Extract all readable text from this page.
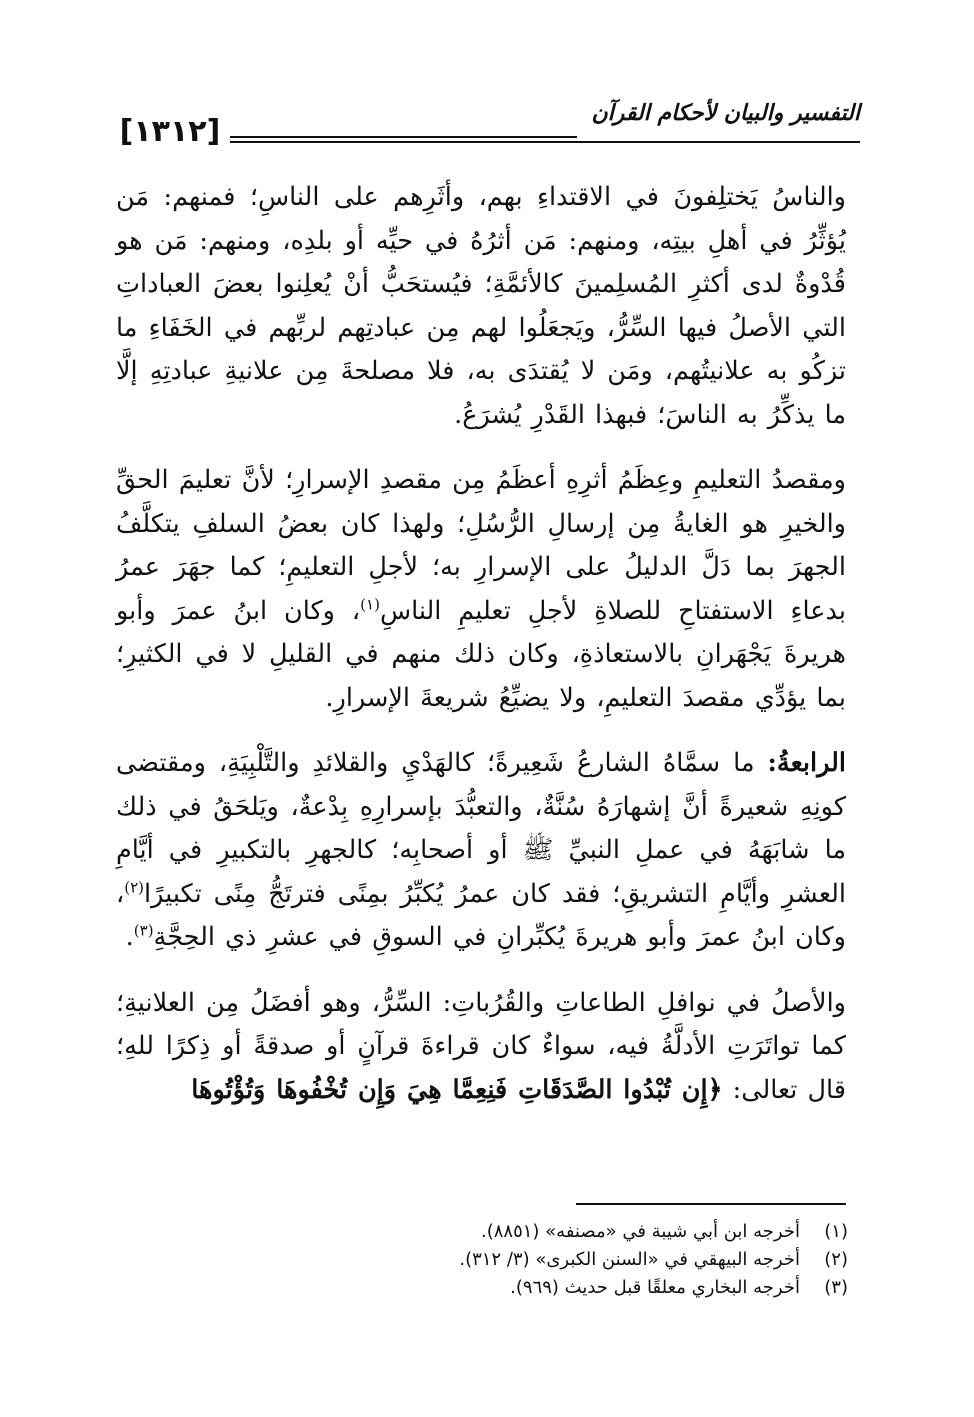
[١٣١٢]
التفسير والبيان لأحكام القرآن

والناسُ يَختلِفونَ في الاقتداءِ بهم، وأثَرِهم على الناسِ؛ فمنهم: مَن يُؤثِّرُ في أهلِ بيتِه، ومنهم: مَن أثرُهُ في حيِّه أو بلدِه، ومنهم: مَن هو قُدْوةٌ لدى أكثرِ المُسلِمينَ كالأئمَّةِ؛ فيُستحَبُّ أنْ يُعلِنوا بعضَ العباداتِ التي الأصلُ فيها السِّرُّ، ويَجعَلُوا لهم مِن عبادتِهم لربِّهم في الخَفَاءِ ما تزكُو به علانيتُهم، ومَن لا يُقتدَى به، فلا مصلحةَ مِن علانيةِ عبادتِهِ إلَّا ما يذكِّرُ به الناسَ؛ فبهذا القَدْرِ يُشرَعُ.

ومقصدُ التعليمِ وعِظَمُ أثرِهِ أعظَمُ مِن مقصدِ الإسرارِ؛ لأنَّ تعليمَ الحقِّ والخيرِ هو الغايةُ مِن إرسالِ الرُّسُلِ؛ ولهذا كان بعضُ السلفِ يتكلَّفُ الجهرَ بما دَلَّ الدليلُ على الإسرارِ به؛ لأجلِ التعليمِ؛ كما جهَرَ عمرُ بدعاءِ الاستفتاحِ للصلاةِ لأجلِ تعليمِ الناسِ$^{(١)}$، وكان ابنُ عمرَ وأبو هريرةَ يَجْهَرانِ بالاستعاذةِ، وكان ذلك منهم في القليلِ لا في الكثيرِ؛ بما يؤدِّي مقصدَ التعليمِ، ولا يضيِّعُ شريعةَ الإسرارِ.

الرابعةُ: ما سمَّاهُ الشارعُ شَعِيرةً؛ كالهَدْيِ والقلائدِ والتَّلْبِيَةِ، ومقتضى كونِهِ شعيرةً أنَّ إشهارَهُ سُنَّةٌ، والتعبُّدَ بإسرارِهِ بِدْعةٌ، ويَلحَقُ في ذلك ما شابَهَهُ في عملِ النبيِّ ﷺ أو أصحابِه؛ كالجهرِ بالتكبيرِ في أيَّامِ العشرِ وأيَّامِ التشريقِ؛ فقد كان عمرُ يُكبِّرُ بمِنًى فترتَجُّ مِنًى تكبيرًا$^{(٢)}$، وكان ابنُ عمرَ وأبو هريرةَ يُكبِّرانِ في السوقِ في عشرِ ذي الحِجَّةِ$^{(٣)}$.

والأصلُ في نوافلِ الطاعاتِ والقُرُباتِ: السِّرُّ، وهو أفضَلُ مِن العلانيةِ؛ كما تواتَرَتِ الأدلَّةُ فيه، سواءٌ كان قراءةَ قرآنٍ أو صدقةً أو ذِكرًا للهِ؛ قال تعالى: ﴿إِن تُبْدُوا الصَّدَقَاتِ فَنِعِمَّا هِيَ وَإِن تُخْفُوهَا وَتُؤْتُوهَا

(١)
أخرجه ابن أبي شيبة في «مصنفه» (٨٨٥١).
(٢)
أخرجه البيهقي في «السنن الكبرى» (٣/ ٣١٢).
(٣)
أخرجه البخاري معلقًا قبل حديث (٩٦٩).
